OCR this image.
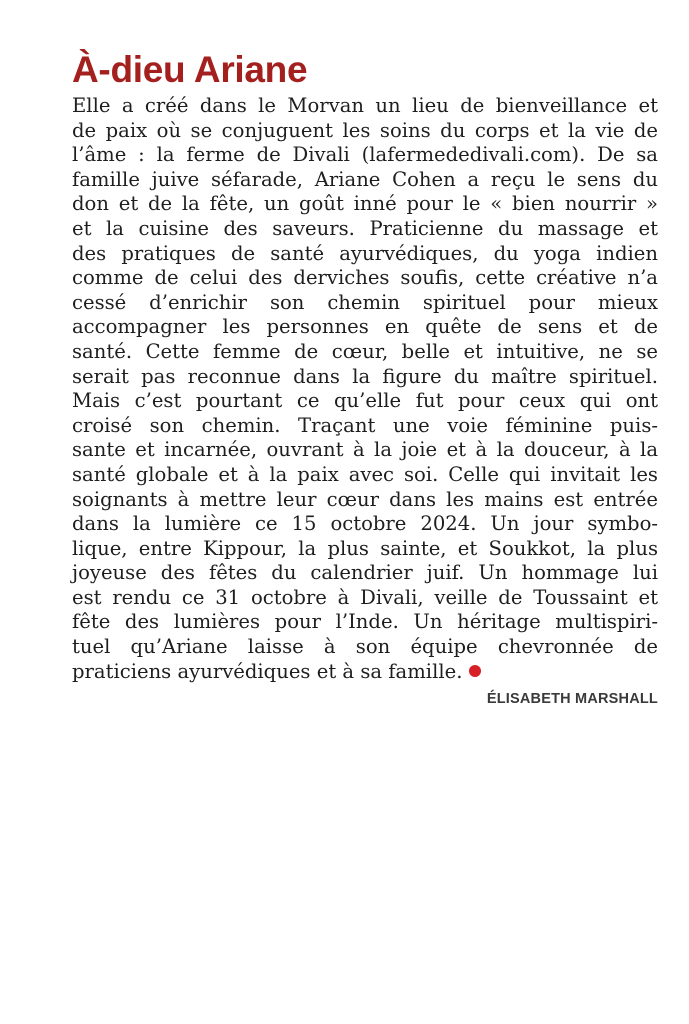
À-dieu Ariane
Elle a créé dans le Morvan un lieu de bienveillance et
de paix où se conjuguent les soins du corps et la vie de
l’âme : la ferme de Divali (lafermededivali.com). De sa
famille juive séfarade, Ariane Cohen a reçu le sens du
don et de la fête, un goût inné pour le « bien nourrir »
et la cuisine des saveurs. Praticienne du massage et
des pratiques de santé ayurvédiques, du yoga indien
comme de celui des derviches soufis, cette créative n’a
cessé d’enrichir son chemin spirituel pour mieux
accompagner les personnes en quête de sens et de
santé. Cette femme de cœur, belle et intuitive, ne se
serait pas reconnue dans la figure du maître spirituel.
Mais c’est pourtant ce qu’elle fut pour ceux qui ont
croisé son chemin. Traçant une voie féminine puis-
sante et incarnée, ouvrant à la joie et à la douceur, à la
santé globale et à la paix avec soi. Celle qui invitait les
soignants à mettre leur cœur dans les mains est entrée
dans la lumière ce 15 octobre 2024. Un jour symbo-
lique, entre Kippour, la plus sainte, et Soukkot, la plus
joyeuse des fêtes du calendrier juif. Un hommage lui
est rendu ce 31 octobre à Divali, veille de Toussaint et
fête des lumières pour l’Inde. Un héritage multispiri-
tuel qu’Ariane laisse à son équipe chevronnée de
praticiens ayurvédiques et à sa famille.
ÉLISABETH MARSHALL
